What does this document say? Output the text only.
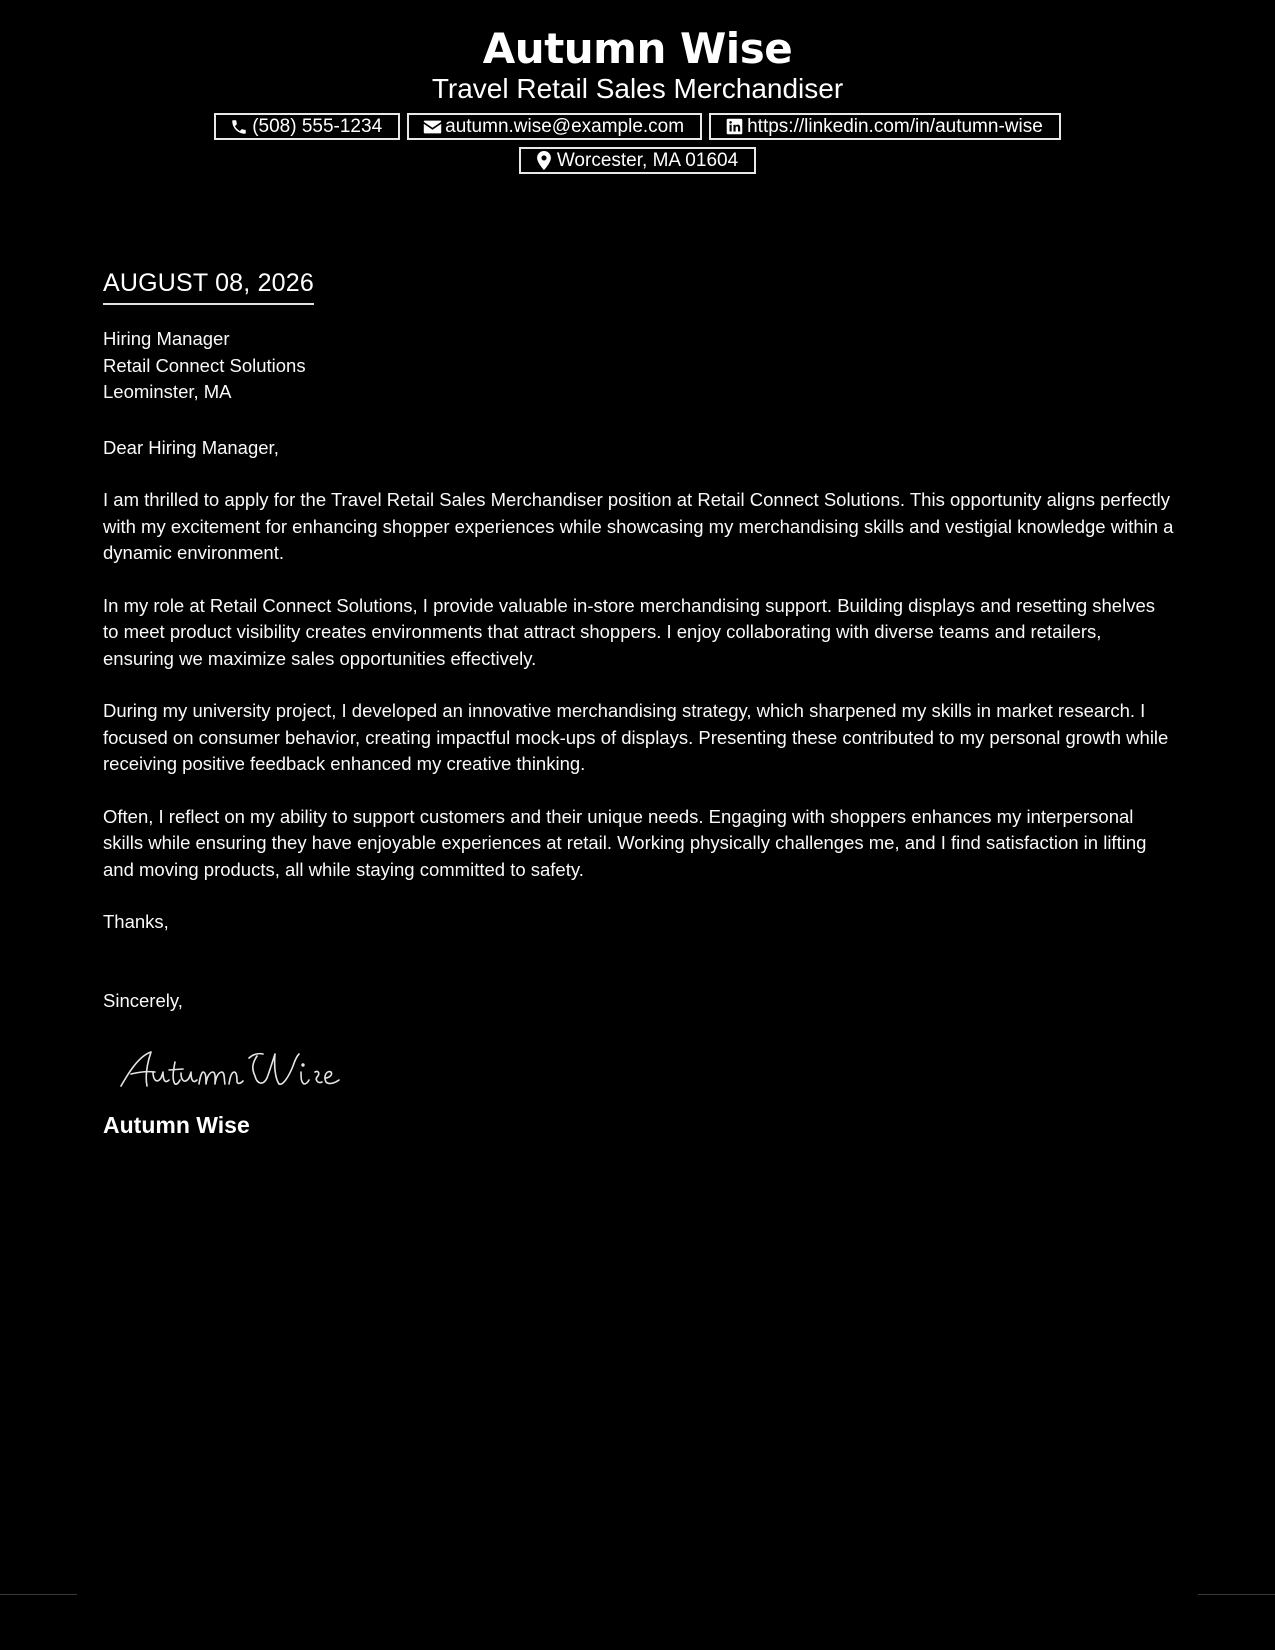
Autumn Wise
Travel Retail Sales Merchandiser
(508) 555-1234	autumn.wise@example.com	https://linkedin.com/in/autumn-wise
Worcester, MA 01604
AUGUST 08, 2026
Hiring Manager
Retail Connect Solutions
Leominster, MA
Dear Hiring Manager,

I am thrilled to apply for the Travel Retail Sales Merchandiser position at Retail Connect Solutions. This opportunity aligns perfectly with my excitement for enhancing shopper experiences while showcasing my merchandising skills and vestigial knowledge within a dynamic environment.

In my role at Retail Connect Solutions, I provide valuable in-store merchandising support. Building displays and resetting shelves to meet product visibility creates environments that attract shoppers. I enjoy collaborating with diverse teams and retailers, ensuring we maximize sales opportunities effectively.

During my university project, I developed an innovative merchandising strategy, which sharpened my skills in market research. I focused on consumer behavior, creating impactful mock-ups of displays. Presenting these contributed to my personal growth while receiving positive feedback enhanced my creative thinking.

Often, I reflect on my ability to support customers and their unique needs. Engaging with shoppers enhances my interpersonal skills while ensuring they have enjoyable experiences at retail. Working physically challenges me, and I find satisfaction in lifting and moving products, all while staying committed to safety.

Thanks,
Sincerely,
Autumn Wise
